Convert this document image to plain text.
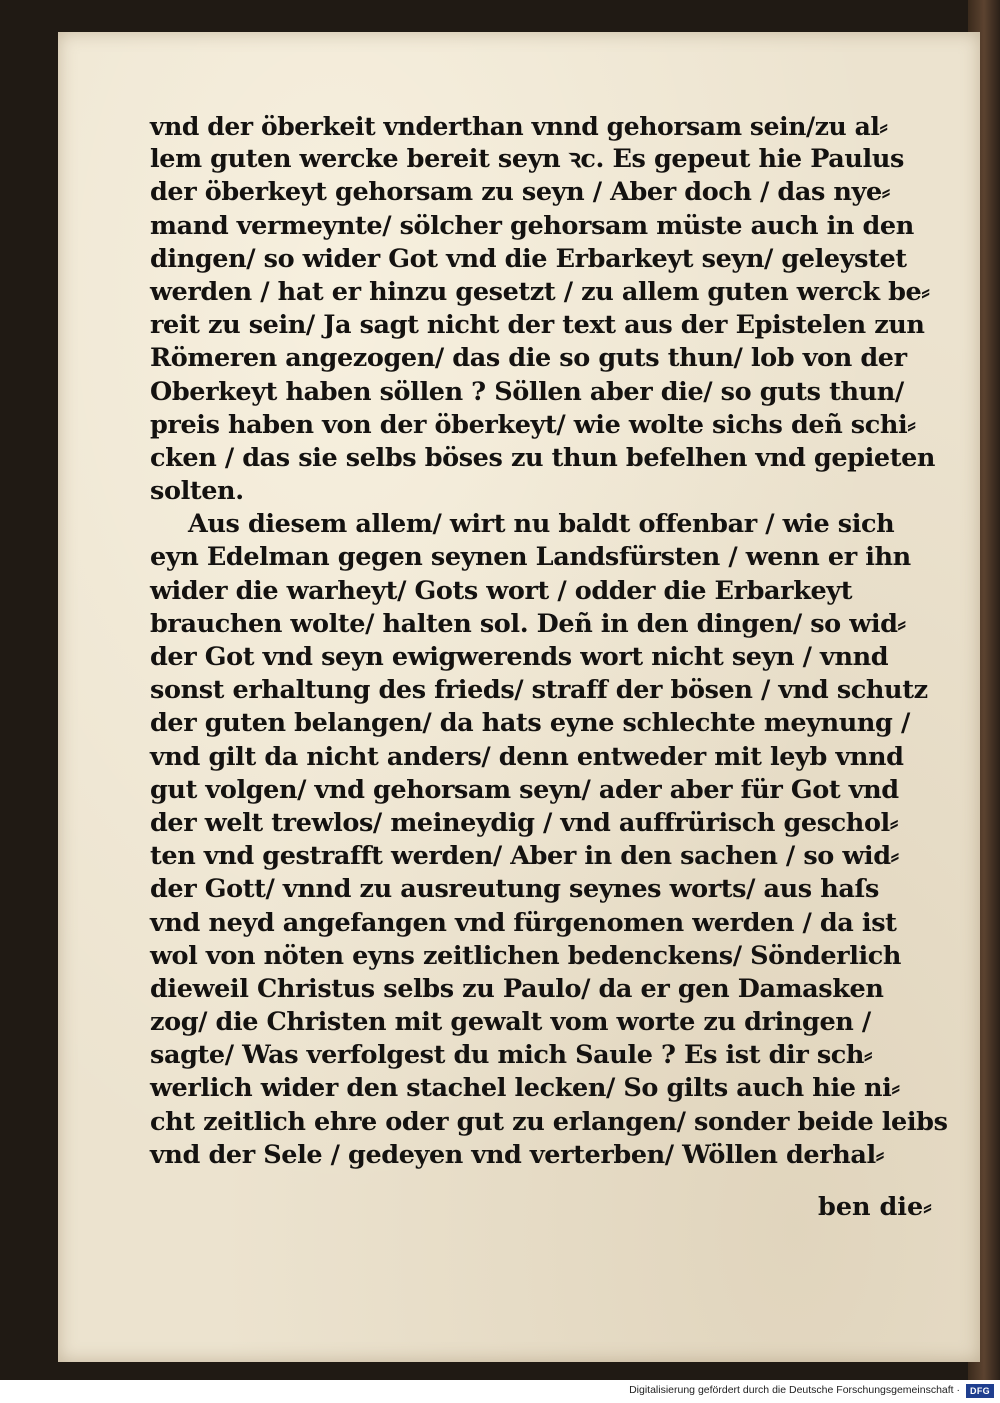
vnd der öberkeit vnderthan vnnd gehorsam sein/zu al⸗
lem guten wercke bereit seyn ꝛc. Es gepeut hie Paulus
der öberkeyt gehorsam zu seyn / Aber doch / das nye⸗
mand vermeynte/ sölcher gehorsam müste auch in den
dingen/ so wider Got vnd die Erbarkeyt seyn/ geleystet
werden / hat er hinzu gesetzt / zu allem guten werck be⸗
reit zu sein/ Ja sagt nicht der text aus der Epistelen zun
Römeren angezogen/ das die so guts thun/ lob von der
Oberkeyt haben söllen ? Söllen aber die/ so guts thun/
preis haben von der öberkeyt/ wie wolte sichs deñ schi⸗
cken / das sie selbs böses zu thun befelhen vnd gepieten
solten.
Aus diesem allem/ wirt nu baldt offenbar / wie sich
eyn Edelman gegen seynen Landsfürsten / wenn er ihn
wider die warheyt/ Gots wort / odder die Erbarkeyt
brauchen wolte/ halten sol. Deñ in den dingen/ so wid⸗
der Got vnd seyn ewigwerends wort nicht seyn / vnnd
sonst erhaltung des frieds/ straff der bösen / vnd schutz
der guten belangen/ da hats eyne schlechte meynung /
vnd gilt da nicht anders/ denn entweder mit leyb vnnd
gut volgen/ vnd gehorsam seyn/ ader aber für Got vnd
der welt trewlos/ meineydig / vnd auffrürisch geschol⸗
ten vnd gestrafft werden/ Aber in den sachen / so wid⸗
der Gott/ vnnd zu ausreutung seynes worts/ aus haſs
vnd neyd angefangen vnd fürgenomen werden / da ist
wol von nöten eyns zeitlichen bedenckens/ Sönderlich
dieweil Christus selbs zu Paulo/ da er gen Damasken
zog/ die Christen mit gewalt vom worte zu dringen /
sagte/ Was verfolgest du mich Saule ? Es ist dir sch⸗
werlich wider den stachel lecken/ So gilts auch hie ni⸗
cht zeitlich ehre oder gut zu erlangen/ sonder beide leibs
vnd der Sele / gedeyen vnd verterben/ Wöllen derhal⸗
ben die⸗
Digitalisierung gefördert durch die Deutsche Forschungsgemeinschaft ·	DFG
